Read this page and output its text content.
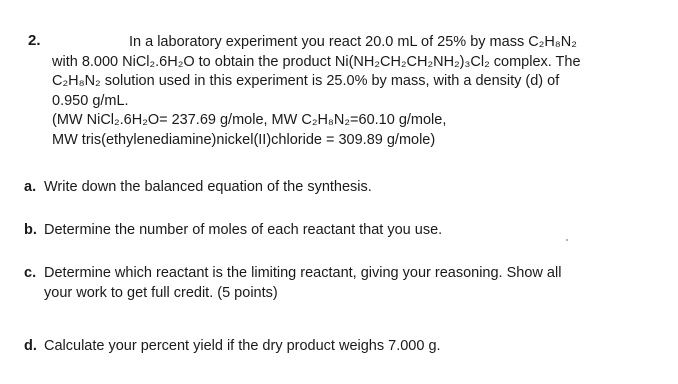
2.	In a laboratory experiment you react 20.0 mL of 25% by mass C₂H₈N₂
with 8.000 NiCl₂.6H₂O to obtain the product Ni(NH₂CH₂CH₂NH₂)₃Cl₂ complex. The
C₂H₈N₂ solution used in this experiment is 25.0% by mass, with a density (d) of
0.950 g/mL.
(MW NiCl₂.6H₂O= 237.69 g/mole, MW C₂H₈N₂=60.10 g/mole,
MW tris(ethylenediamine)nickel(II)chloride = 309.89 g/mole)
a. Write down the balanced equation of the synthesis.
b. Determine the number of moles of each reactant that you use.
c. Determine which reactant is the limiting reactant, giving your reasoning. Show all
your work to get full credit. (5 points)
d. Calculate your percent yield if the dry product weighs 7.000 g.
